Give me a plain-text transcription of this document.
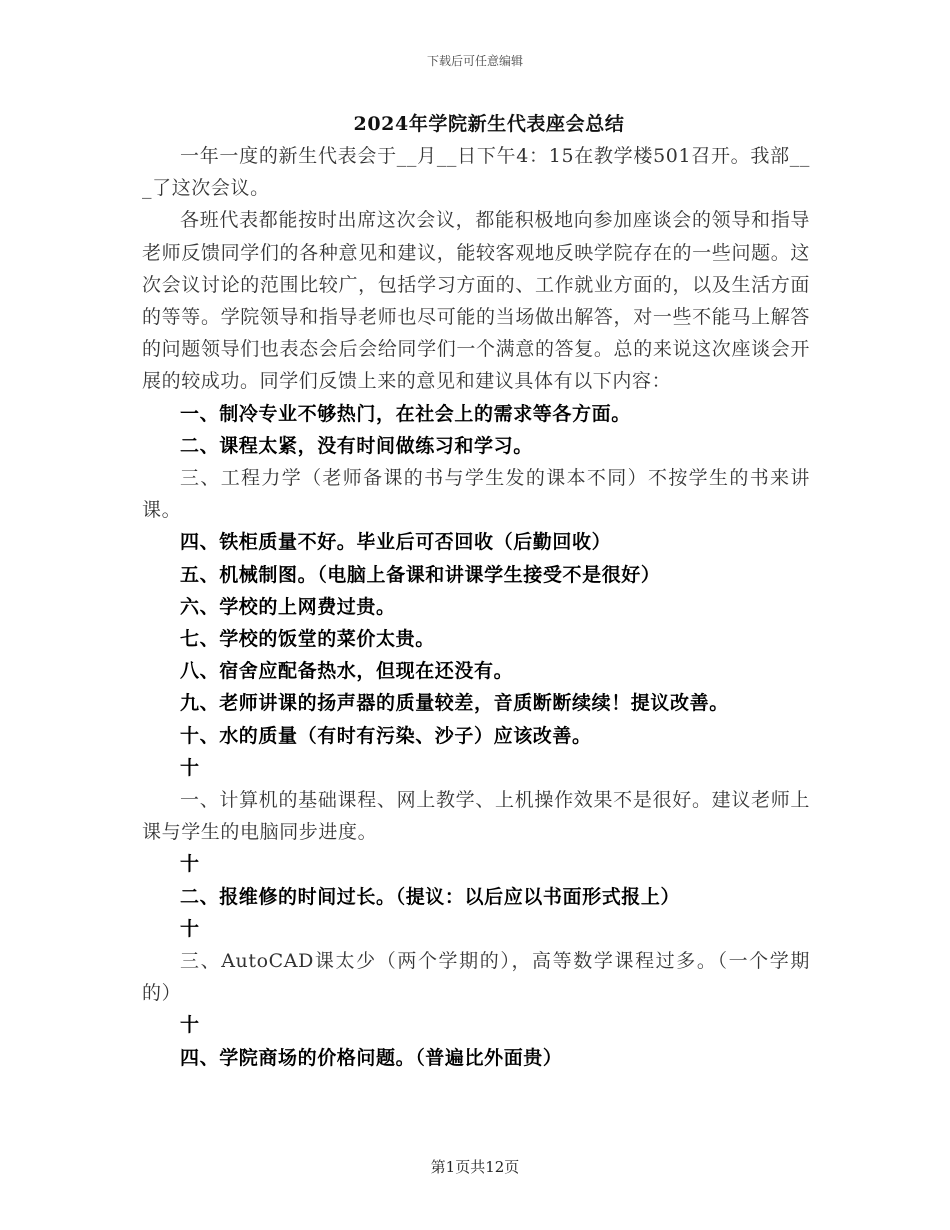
下载后可任意编辑

2024年学院新生代表座会总结

一年一度的新生代表会于__月__日下午4：15在教学楼501召开。我部___了这次会议。

各班代表都能按时出席这次会议，都能积极地向参加座谈会的领导和指导老师反馈同学们的各种意见和建议，能较客观地反映学院存在的一些问题。这次会议讨论的范围比较广，包括学习方面的、工作就业方面的，以及生活方面的等等。学院领导和指导老师也尽可能的当场做出解答，对一些不能马上解答的问题领导们也表态会后会给同学们一个满意的答复。总的来说这次座谈会开展的较成功。同学们反馈上来的意见和建议具体有以下内容：

一、制冷专业不够热门，在社会上的需求等各方面。

二、课程太紧，没有时间做练习和学习。

三、工程力学（老师备课的书与学生发的课本不同）不按学生的书来讲课。

四、铁柜质量不好。毕业后可否回收（后勤回收）

五、机械制图。（电脑上备课和讲课学生接受不是很好）

六、学校的上网费过贵。

七、学校的饭堂的菜价太贵。

八、宿舍应配备热水，但现在还没有。

九、老师讲课的扬声器的质量较差，音质断断续续！提议改善。

十、水的质量（有时有污染、沙子）应该改善。

十

一、计算机的基础课程、网上教学、上机操作效果不是很好。建议老师上课与学生的电脑同步进度。

十

二、报维修的时间过长。（提议：以后应以书面形式报上）

十

三、AutoCAD课太少（两个学期的），高等数学课程过多。（一个学期的）

十

四、学院商场的价格问题。（普遍比外面贵）

第1页共12页
